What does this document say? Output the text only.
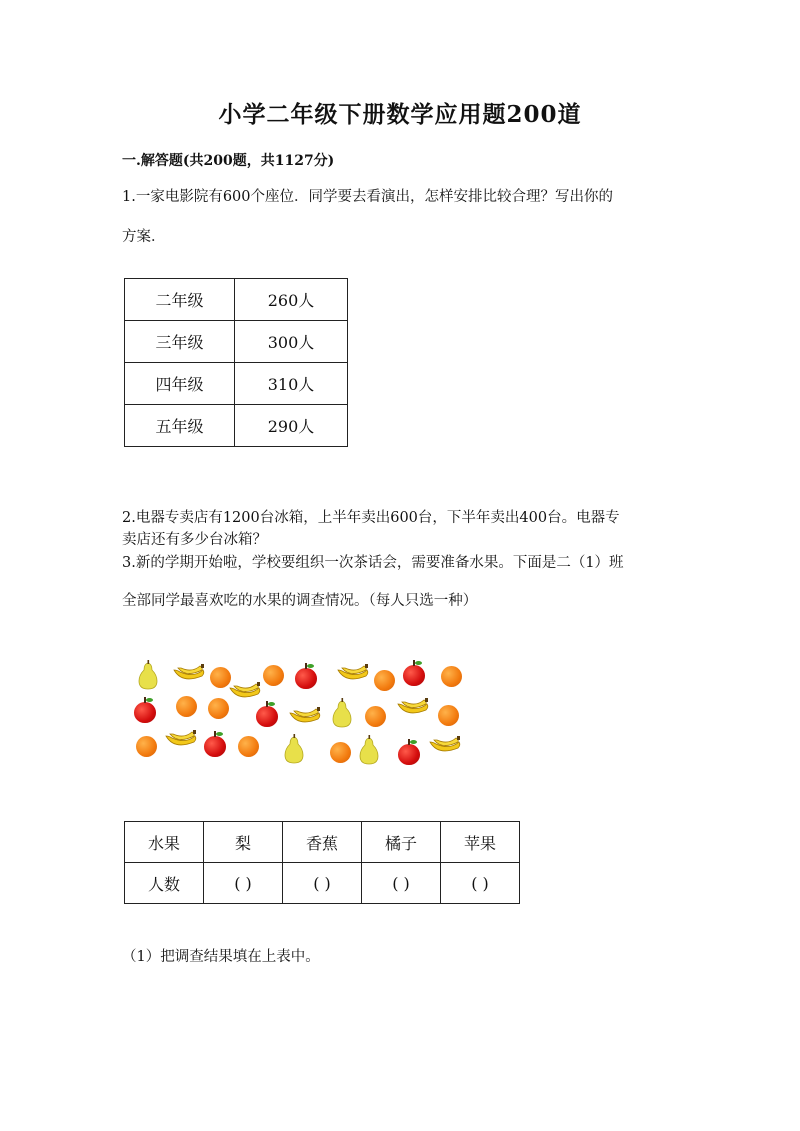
小学二年级下册数学应用题200道
一.解答题(共200题，共1127分)
1.一家电影院有600个座位．同学要去看演出，怎样安排比较合理？写出你的
方案．
二年级	260人
三年级	300人
四年级	310人
五年级	290人
2.电器专卖店有1200台冰箱，上半年卖出600台，下半年卖出400台。电器专
卖店还有多少台冰箱？
3.新的学期开始啦，学校要组织一次茶话会，需要准备水果。下面是二（1）班
全部同学最喜欢吃的水果的调查情况。（每人只选一种）
水果	梨	香蕉	橘子	苹果
人数	( )	( )	( )	( )
（1）把调查结果填在上表中。
